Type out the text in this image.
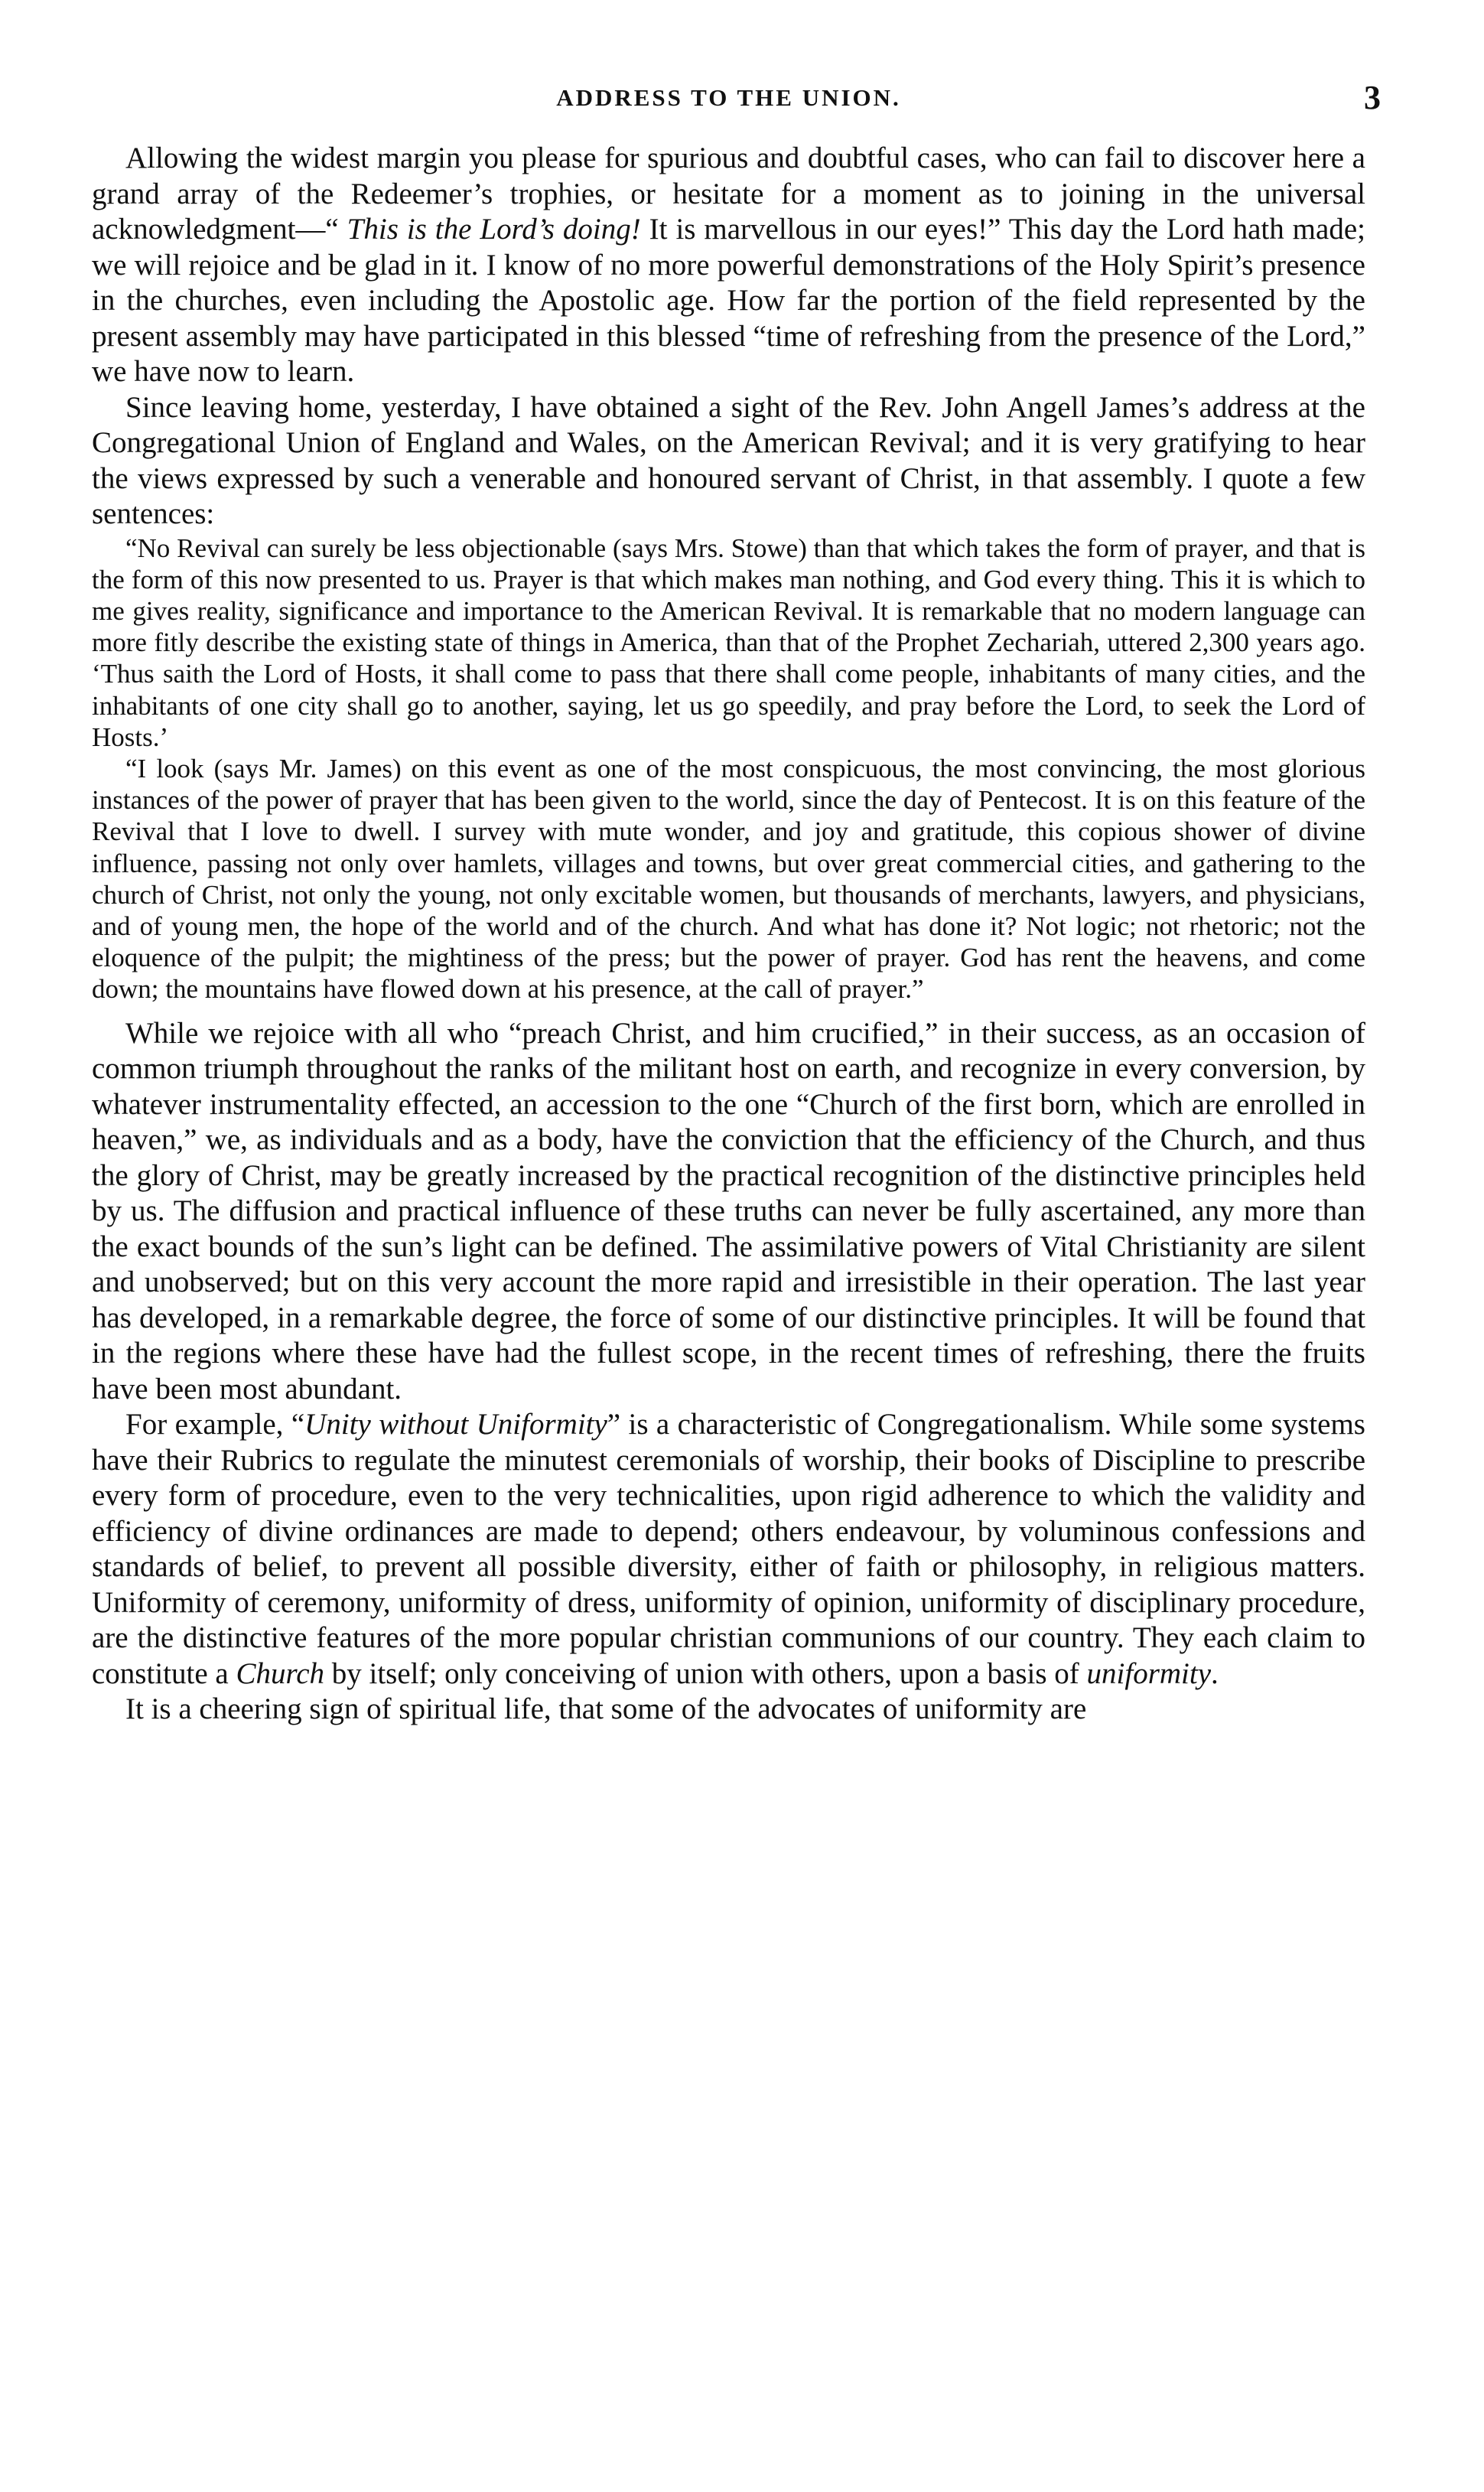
ADDRESS TO THE UNION.	3

Allowing the widest margin you please for spurious and doubtful cases, who can fail to discover here a grand array of the Redeemer’s trophies, or hesitate for a moment as to joining in the universal acknowledgment—“ This is the Lord’s doing! It is marvellous in our eyes!” This day the Lord hath made; we will rejoice and be glad in it. I know of no more powerful demonstrations of the Holy Spirit’s presence in the churches, even including the Apostolic age. How far the portion of the field represented by the present assembly may have participated in this blessed “time of refreshing from the presence of the Lord,” we have now to learn.

Since leaving home, yesterday, I have obtained a sight of the Rev. John Angell James’s address at the Congregational Union of England and Wales, on the American Revival; and it is very gratifying to hear the views expressed by such a venerable and honoured servant of Christ, in that assembly. I quote a few sentences:

“No Revival can surely be less objectionable (says Mrs. Stowe) than that which takes the form of prayer, and that is the form of this now presented to us. Prayer is that which makes man nothing, and God every thing. This it is which to me gives reality, significance and importance to the American Revival. It is remarkable that no modern language can more fitly describe the existing state of things in America, than that of the Prophet Zechariah, uttered 2,300 years ago. ‘Thus saith the Lord of Hosts, it shall come to pass that there shall come people, inhabitants of many cities, and the inhabitants of one city shall go to another, saying, let us go speedily, and pray before the Lord, to seek the Lord of Hosts.’

“I look (says Mr. James) on this event as one of the most conspicuous, the most convincing, the most glorious instances of the power of prayer that has been given to the world, since the day of Pentecost. It is on this feature of the Revival that I love to dwell. I survey with mute wonder, and joy and gratitude, this copious shower of divine influence, passing not only over hamlets, villages and towns, but over great commercial cities, and gathering to the church of Christ, not only the young, not only excitable women, but thousands of merchants, lawyers, and physicians, and of young men, the hope of the world and of the church. And what has done it? Not logic; not rhetoric; not the eloquence of the pulpit; the mightiness of the press; but the power of prayer. God has rent the heavens, and come down; the mountains have flowed down at his presence, at the call of prayer.”

While we rejoice with all who “preach Christ, and him crucified,” in their success, as an occasion of common triumph throughout the ranks of the militant host on earth, and recognize in every conversion, by whatever instrumentality effected, an accession to the one “Church of the first born, which are enrolled in heaven,” we, as individuals and as a body, have the conviction that the efficiency of the Church, and thus the glory of Christ, may be greatly increased by the practical recognition of the distinctive principles held by us. The diffusion and practical influence of these truths can never be fully ascertained, any more than the exact bounds of the sun’s light can be defined. The assimilative powers of Vital Christianity are silent and unobserved; but on this very account the more rapid and irresistible in their operation. The last year has developed, in a remarkable degree, the force of some of our distinctive principles. It will be found that in the regions where these have had the fullest scope, in the recent times of refreshing, there the fruits have been most abundant.

For example, “Unity without Uniformity” is a characteristic of Congregationalism. While some systems have their Rubrics to regulate the minutest ceremonials of worship, their books of Discipline to prescribe every form of procedure, even to the very technicalities, upon rigid adherence to which the validity and efficiency of divine ordinances are made to depend; others endeavour, by voluminous confessions and standards of belief, to prevent all possible diversity, either of faith or philosophy, in religious matters. Uniformity of ceremony, uniformity of dress, uniformity of opinion, uniformity of disciplinary procedure, are the distinctive features of the more popular christian communions of our country. They each claim to constitute a Church by itself; only conceiving of union with others, upon a basis of uniformity.

It is a cheering sign of spiritual life, that some of the advocates of uniformity are
